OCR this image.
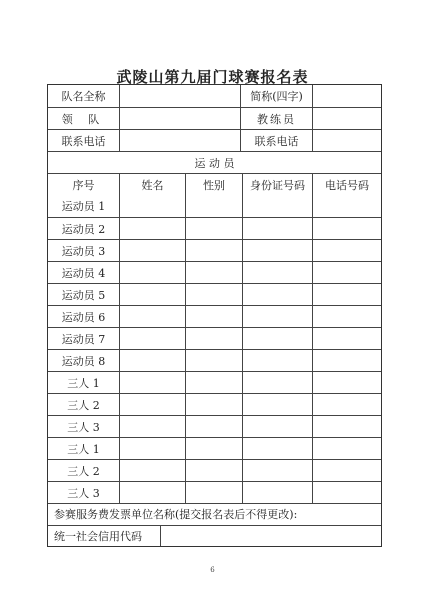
武陵山第九届门球赛报名表
队名全称	简称(四字)
领 队	教练员
联系电话	联系电话
运 动 员
序号	姓名	性别	身份证号码	电话号码
运动员 1
运动员 2
运动员 3
运动员 4
运动员 5
运动员 6
运动员 7
运动员 8
三人 1
三人 2
三人 3
三人 1
三人 2
三人 3
参赛服务费发票单位名称(提交报名表后不得更改):
统一社会信用代码
6
